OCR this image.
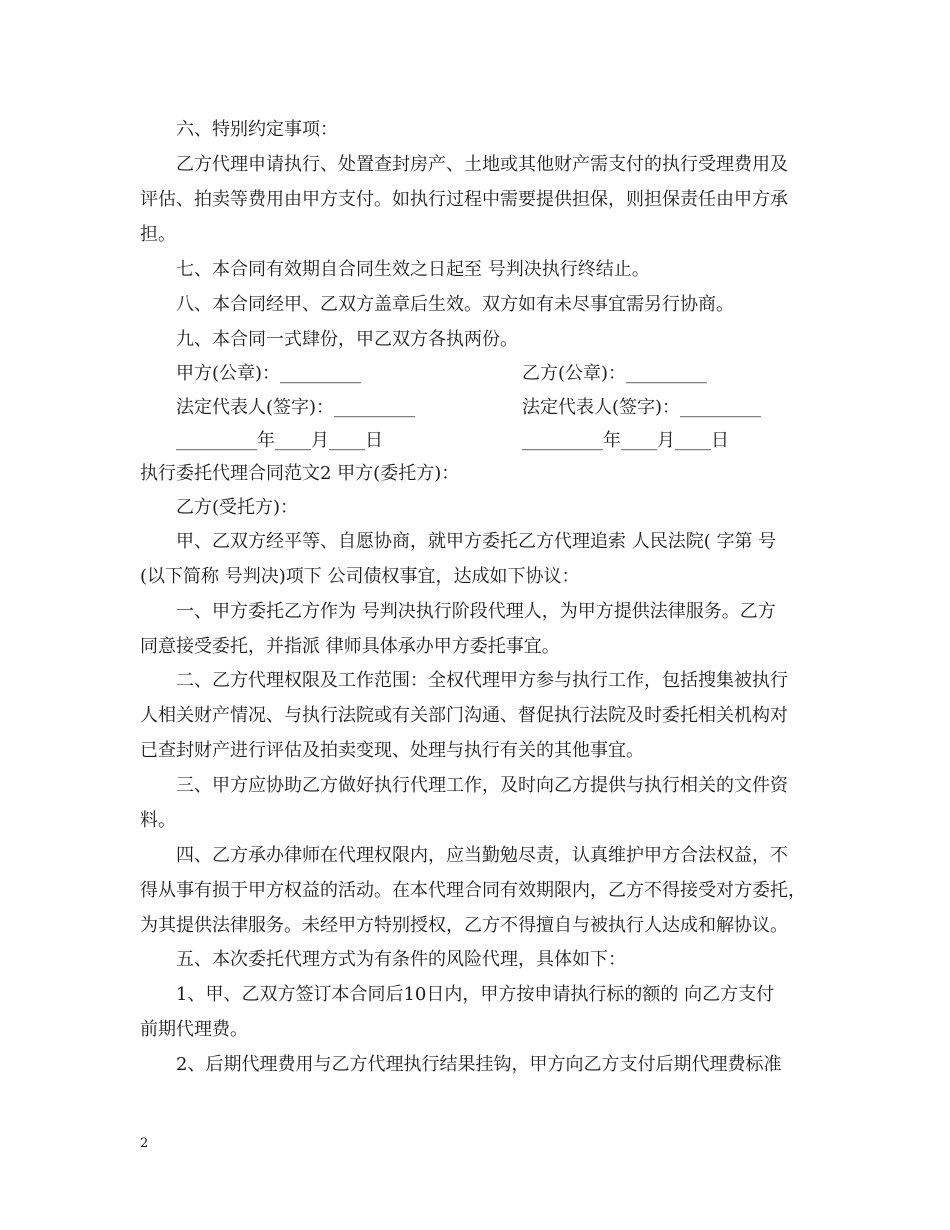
六、特别约定事项：
乙方代理申请执行、处置查封房产、土地或其他财产需支付的执行受理费用及
评估、拍卖等费用由甲方支付。如执行过程中需要提供担保，则担保责任由甲方承
担。
七、本合同有效期自合同生效之日起至 号判决执行终结止。
八、本合同经甲、乙双方盖章后生效。双方如有未尽事宜需另行协商。
九、本合同一式肆份，甲乙双方各执两份。
甲方(公章)：_________	乙方(公章)：_________
法定代表人(签字)：_________	法定代表人(签字)：_________
_________年____月____日	_________年____月____日
执行委托代理合同范文2 甲方(委托方)：
乙方(受托方)：
甲、乙双方经平等、自愿协商，就甲方委托乙方代理追索 人民法院( 字第 号
(以下简称 号判决)项下 公司债权事宜，达成如下协议：
一、甲方委托乙方作为 号判决执行阶段代理人，为甲方提供法律服务。乙方
同意接受委托，并指派 律师具体承办甲方委托事宜。
二、乙方代理权限及工作范围：全权代理甲方参与执行工作，包括搜集被执行
人相关财产情况、与执行法院或有关部门沟通、督促执行法院及时委托相关机构对
已查封财产进行评估及拍卖变现、处理与执行有关的其他事宜。
三、甲方应协助乙方做好执行代理工作，及时向乙方提供与执行相关的文件资
料。
四、乙方承办律师在代理权限内，应当勤勉尽责，认真维护甲方合法权益，不
得从事有损于甲方权益的活动。在本代理合同有效期限内，乙方不得接受对方委托，
为其提供法律服务。未经甲方特别授权，乙方不得擅自与被执行人达成和解协议。
五、本次委托代理方式为有条件的风险代理，具体如下：
1、甲、乙双方签订本合同后10日内，甲方按申请执行标的额的 向乙方支付
前期代理费。
2、后期代理费用与乙方代理执行结果挂钩，甲方向乙方支付后期代理费标准
2
